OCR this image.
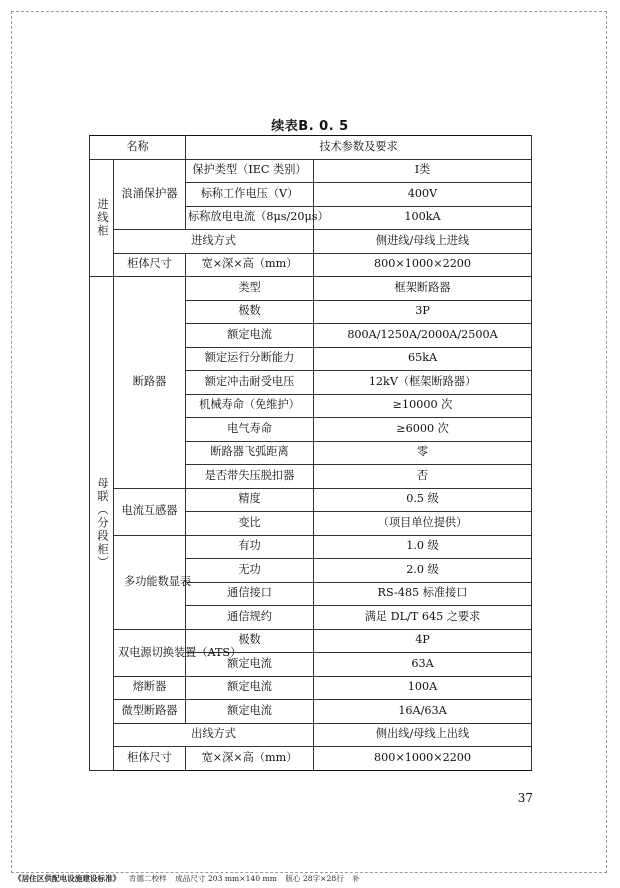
续表B. 0. 5
名称		技术参数及要求	
进线柜	浪涌保护器	保护类型（IEC 类别）	Ⅰ类
		标称工作电压（V）	400V
		标称放电电流（8μs/20μs）	100kA
	进线方式		侧进线/母线上进线
	柜体尺寸	宽×深×高（mm）	800×1000×2200
母联（分段柜）	断路器	类型	框架断路器
		极数	3P
		额定电流	800A/1250A/2000A/2500A
		额定运行分断能力	65kA
		额定冲击耐受电压	12kV（框架断路器）
		机械寿命（免维护）	≥10000 次
		电气寿命	≥6000 次
		断路器飞弧距离	零
		是否带失压脱扣器	否
	电流互感器	精度	0.5 级
		变比	（项目单位提供）
	多功能数显表	有功	1.0 级
		无功	2.0 级
		通信接口	RS-485 标准接口
		通信规约	满足 DL/T 645 之要求
	双电源切换装置（ATS）	极数	4P
		额定电流	63A
	熔断器	额定电流	100A
	微型断路器	额定电流	16A/63A
	出线方式		侧出线/母线上出线
	柜体尺寸	宽×深×高（mm）	800×1000×2200
37
《居住区供配电设施建设标准》 肯德二校样 成品尺寸 203 mm×140 mm 版心 28字×28行 补
